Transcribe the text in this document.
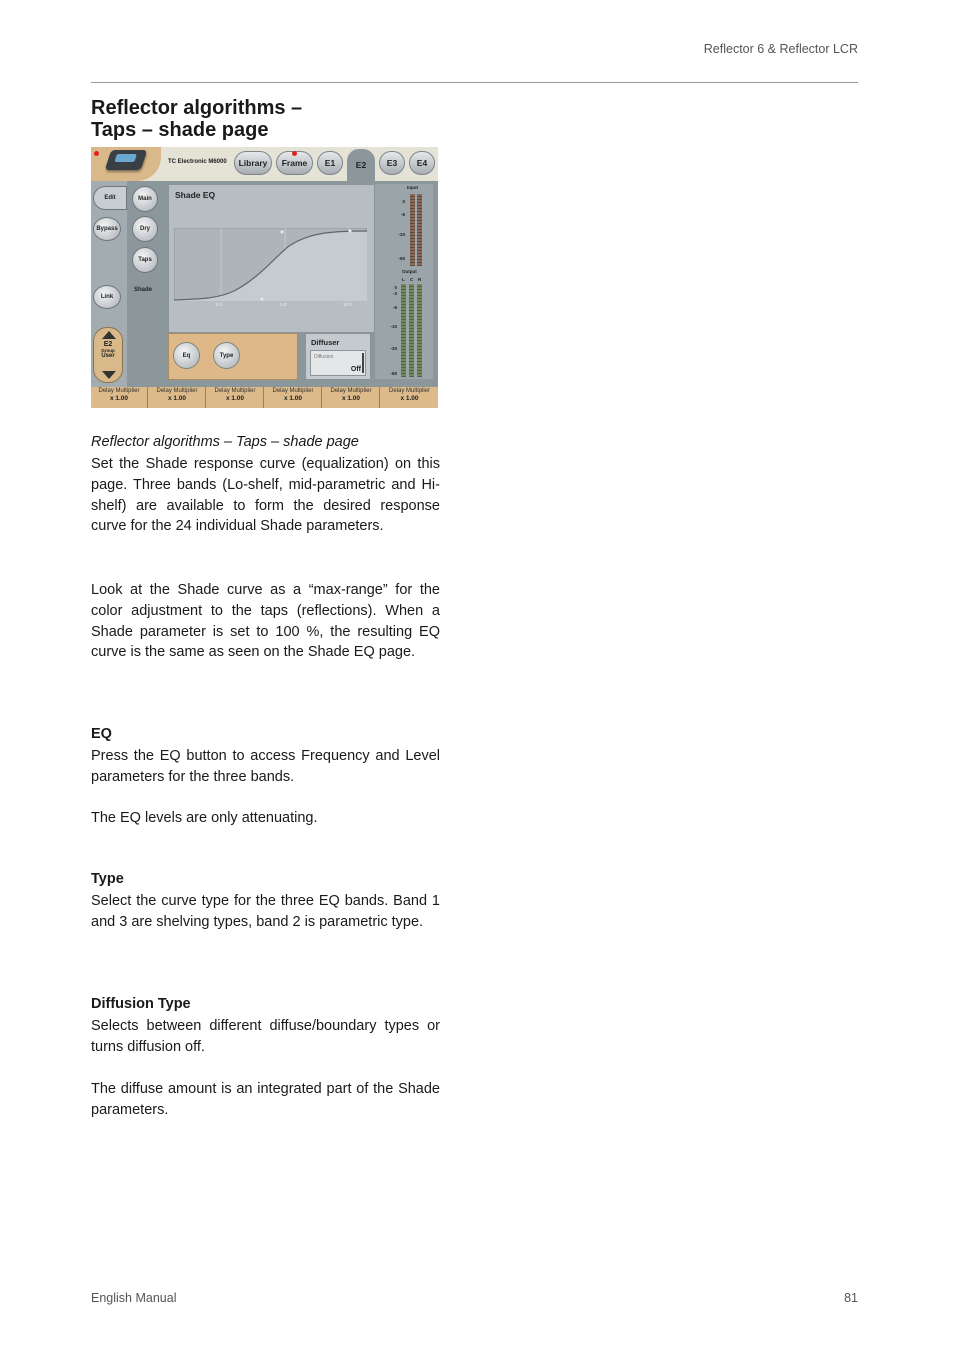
Reflector 6 & Reflector LCR
Reflector algorithms –
Taps – shade page
TC Electronic M6000	Library	Frame	E1	E2	E3	E4
Edit
Bypass
Link
Main
Dry
Taps
Shade
E2
Group
User
Shade EQ
0.1	1.0	10.0
Input
0
-6
-20
-60
Output
L C R
0
-3
-6
-10
-20
-60
Eq	Type
Diffuser
Diffusion
Off
Delay Multiplier
x 1.00
Delay Multiplier
x 1.00
Delay Multiplier
x 1.00
Delay Multiplier
x 1.00
Delay Multiplier
x 1.00
Delay Multiplier
x 1.00
Reflector algorithms – Taps – shade page

Set the Shade response curve (equalization) on this page. Three bands (Lo-shelf, mid-parametric and Hi-shelf) are available to form the desired response curve for the 24 individual Shade parameters.

Look at the Shade curve as a “max-range” for the color adjustment to the taps (reflections). When a Shade parameter is set to 100 %, the resulting EQ curve is the same as seen on the Shade EQ page.

EQ

Press the EQ button to access Frequency and Level parameters for the three bands.

The EQ levels are only attenuating.

Type

Select the curve type for the three EQ bands. Band 1 and 3 are shelving types, band 2 is parametric type.

Diffusion Type

Selects between different diffuse/boundary types or turns diffusion off.

The diffuse amount is an integrated part of the Shade parameters.

English Manual	81
